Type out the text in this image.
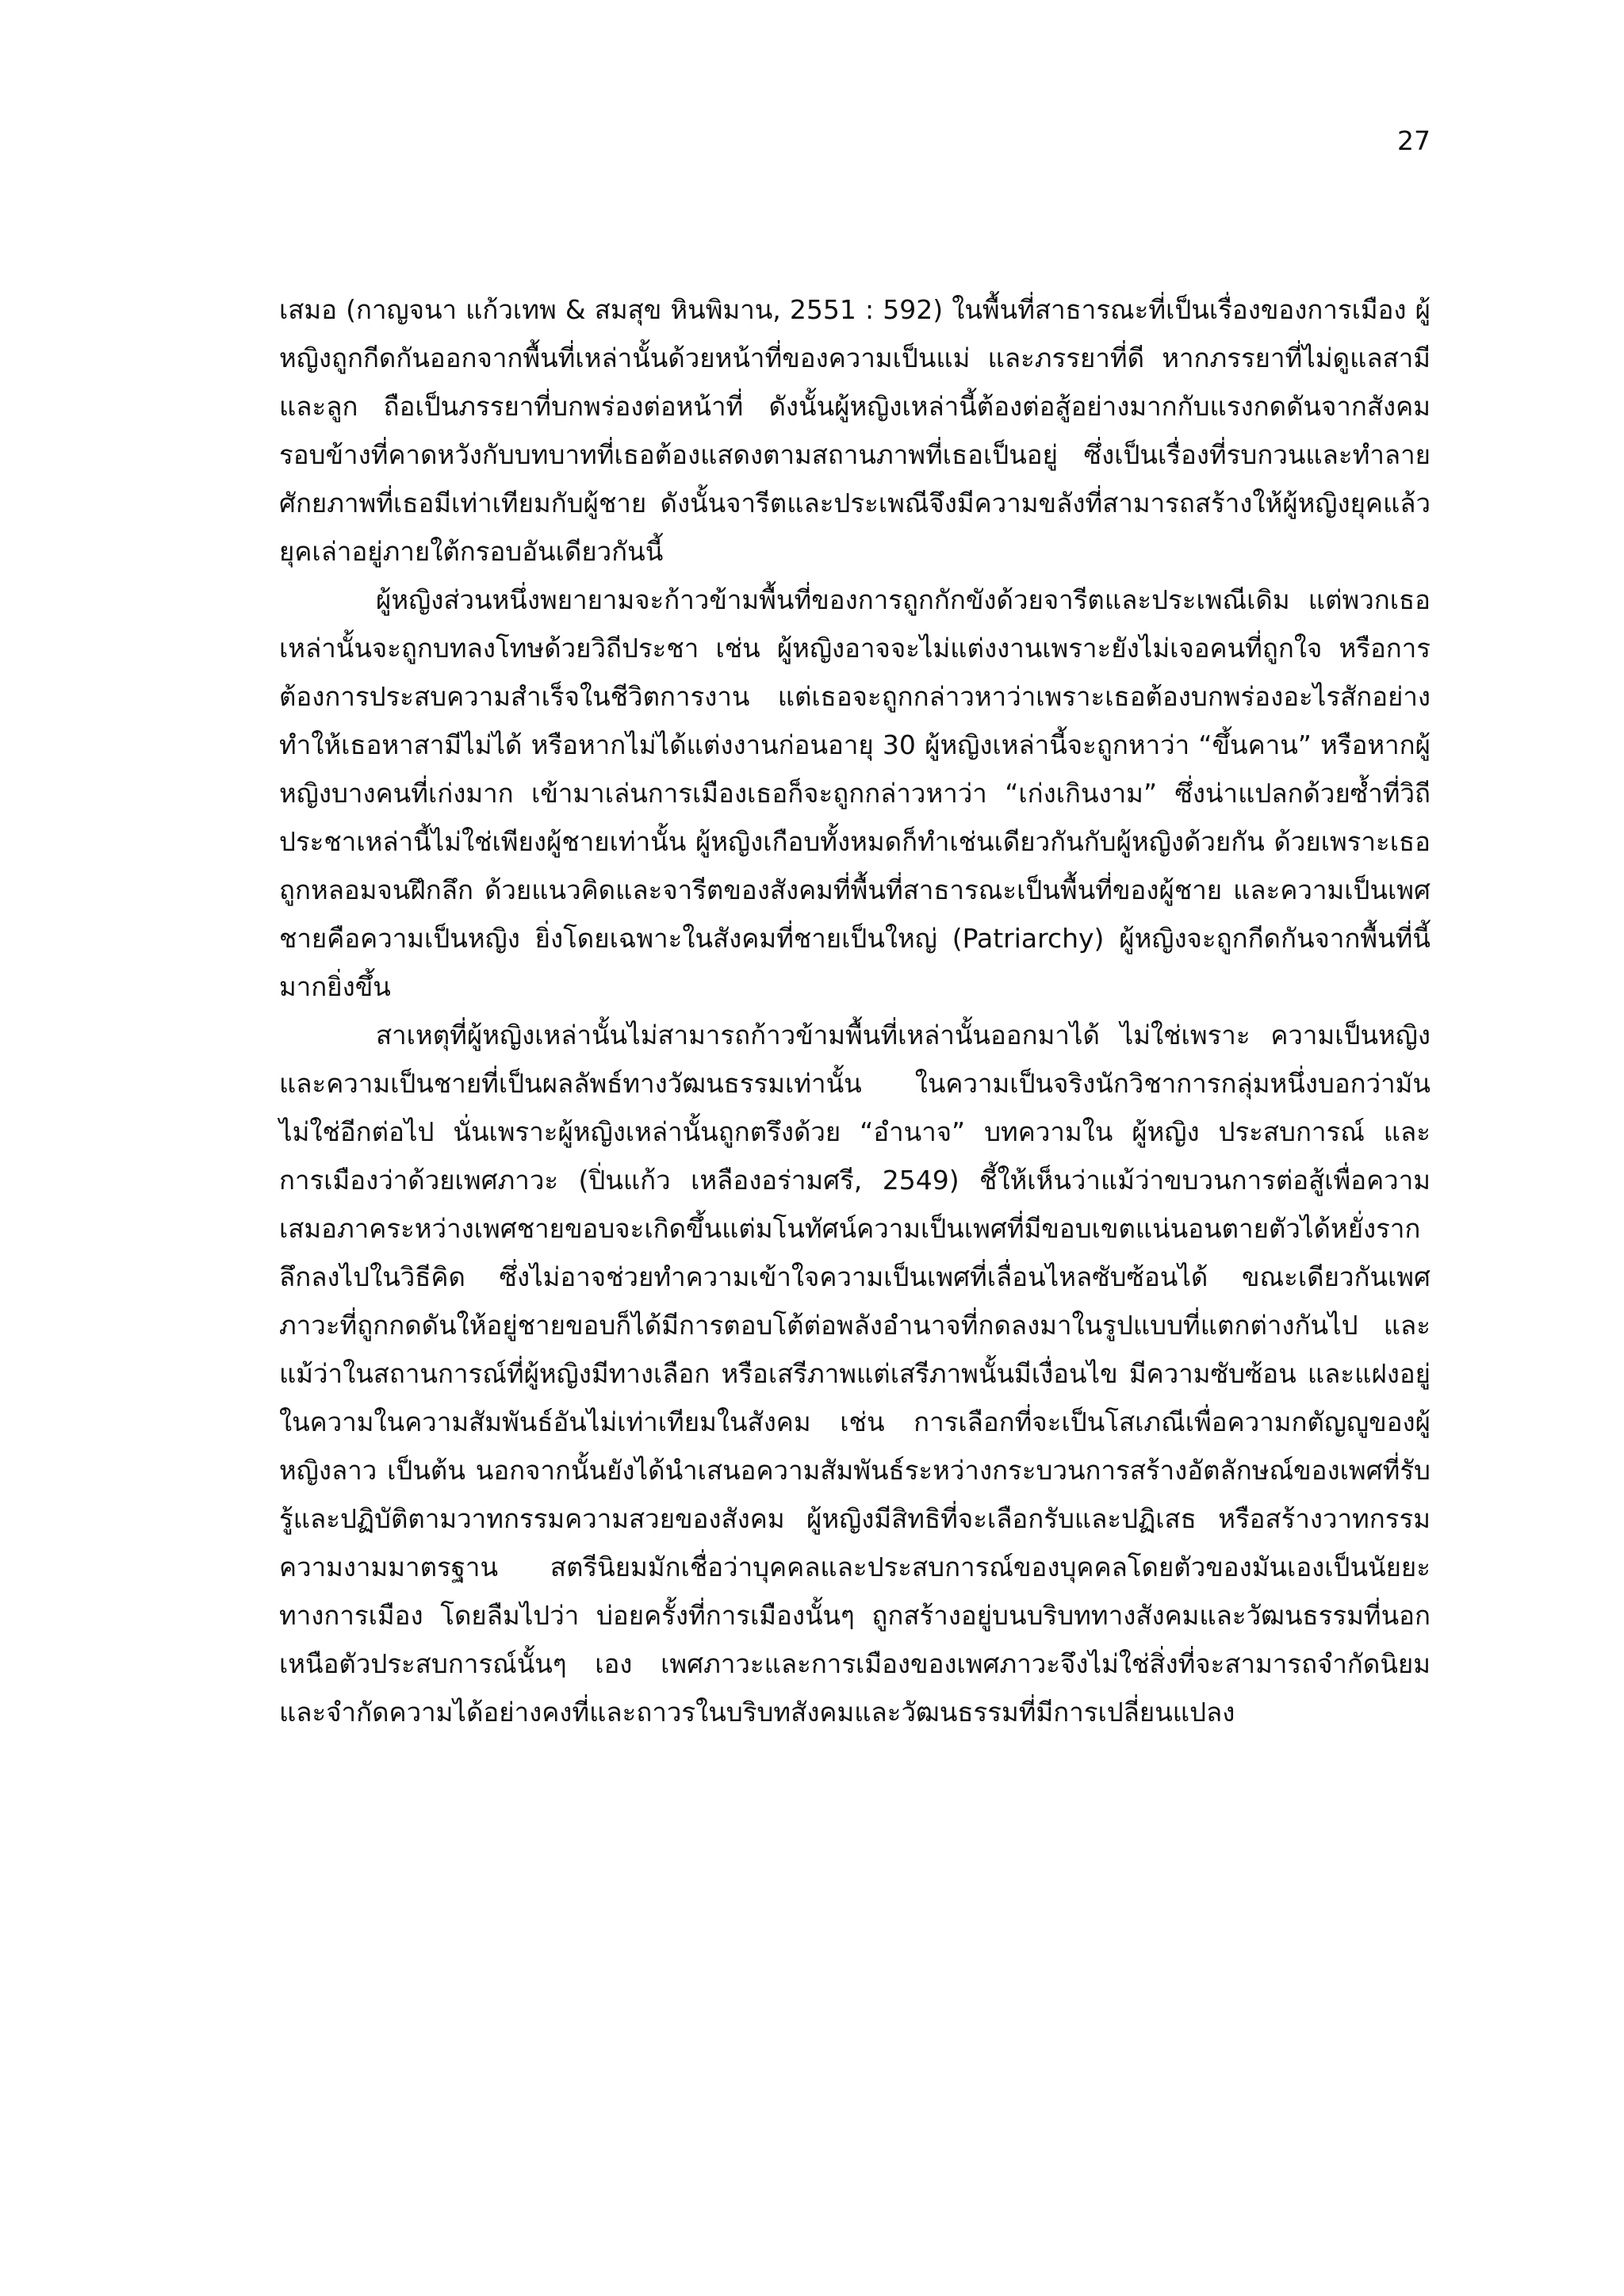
27

เสมอ (กาญจนา แก้วเทพ & สมสุข หินพิมาน, 2551 : 592) ในพื้นที่สาธารณะที่เป็นเรื่องของการเมือง ผู้หญิงถูกกีดกันออกจากพื้นที่เหล่านั้นด้วยหน้าที่ของความเป็นแม่ และภรรยาที่ดี หากภรรยาที่ไม่ดูแลสามี และลูก ถือเป็นภรรยาที่บกพร่องต่อหน้าที่ ดังนั้นผู้หญิงเหล่านี้ต้องต่อสู้อย่างมากกับแรงกดดันจากสังคมรอบข้างที่คาดหวังกับบทบาทที่เธอต้องแสดงตามสถานภาพที่เธอเป็นอยู่ ซึ่งเป็นเรื่องที่รบกวนและทำลายศักยภาพที่เธอมีเท่าเทียมกับผู้ชาย ดังนั้นจารีตและประเพณีจึงมีความขลังที่สามารถสร้างให้ผู้หญิงยุคแล้วยุคเล่าอยู่ภายใต้กรอบอันเดียวกันนี้

ผู้หญิงส่วนหนึ่งพยายามจะก้าวข้ามพื้นที่ของการถูกกักขังด้วยจารีตและประเพณีเดิม แต่พวกเธอเหล่านั้นจะถูกบทลงโทษด้วยวิถีประชา เช่น ผู้หญิงอาจจะไม่แต่งงานเพราะยังไม่เจอคนที่ถูกใจ หรือการต้องการประสบความสำเร็จในชีวิตการงาน แต่เธอจะถูกกล่าวหาว่าเพราะเธอต้องบกพร่องอะไรสักอย่างทำให้เธอหาสามีไม่ได้ หรือหากไม่ได้แต่งงานก่อนอายุ 30 ผู้หญิงเหล่านี้จะถูกหาว่า “ขึ้นคาน” หรือหากผู้หญิงบางคนที่เก่งมาก เข้ามาเล่นการเมืองเธอก็จะถูกกล่าวหาว่า “เก่งเกินงาม” ซึ่งน่าแปลกด้วยซ้ำที่วิถีประชาเหล่านี้ไม่ใช่เพียงผู้ชายเท่านั้น ผู้หญิงเกือบทั้งหมดก็ทำเช่นเดียวกันกับผู้หญิงด้วยกัน ด้วยเพราะเธอถูกหลอมจนฝึกลึก ด้วยแนวคิดและจารีตของสังคมที่พื้นที่สาธารณะเป็นพื้นที่ของผู้ชาย และความเป็นเพศชายคือความเป็นหญิง ยิ่งโดยเฉพาะในสังคมที่ชายเป็นใหญ่ (Patriarchy) ผู้หญิงจะถูกกีดกันจากพื้นที่นี้มากยิ่งขึ้น

สาเหตุที่ผู้หญิงเหล่านั้นไม่สามารถก้าวข้ามพื้นที่เหล่านั้นออกมาได้ ไม่ใช่เพราะ ความเป็นหญิงและความเป็นชายที่เป็นผลลัพธ์ทางวัฒนธรรมเท่านั้น ในความเป็นจริงนักวิชาการกลุ่มหนึ่งบอกว่ามันไม่ใช่อีกต่อไป นั่นเพราะผู้หญิงเหล่านั้นถูกตรึงด้วย “อำนาจ” บทความใน ผู้หญิง ประสบการณ์ และการเมืองว่าด้วยเพศภาวะ (ปิ่นแก้ว เหลืองอร่ามศรี, 2549) ชี้ให้เห็นว่าแม้ว่าขบวนการต่อสู้เพื่อความเสมอภาคระหว่างเพศชายขอบจะเกิดขึ้นแต่มโนทัศน์ความเป็นเพศที่มีขอบเขตแน่นอนตายตัวได้หยั่งรากลึกลงไปในวิธีคิด ซึ่งไม่อาจช่วยทำความเข้าใจความเป็นเพศที่เลื่อนไหลซับซ้อนได้ ขณะเดียวกันเพศภาวะที่ถูกกดดันให้อยู่ชายขอบก็ได้มีการตอบโต้ต่อพลังอำนาจที่กดลงมาในรูปแบบที่แตกต่างกันไป และแม้ว่าในสถานการณ์ที่ผู้หญิงมีทางเลือก หรือเสรีภาพแต่เสรีภาพนั้นมีเงื่อนไข มีความซับซ้อน และแฝงอยู่ในความในความสัมพันธ์อันไม่เท่าเทียมในสังคม เช่น การเลือกที่จะเป็นโสเภณีเพื่อความกตัญญูของผู้หญิงลาว เป็นต้น นอกจากนั้นยังได้นำเสนอความสัมพันธ์ระหว่างกระบวนการสร้างอัตลักษณ์ของเพศที่รับรู้และปฏิบัติตามวาทกรรมความสวยของสังคม ผู้หญิงมีสิทธิที่จะเลือกรับและปฏิเสธ หรือสร้างวาทกรรมความงามมาตรฐาน สตรีนิยมมักเชื่อว่าบุคคลและประสบการณ์ของบุคคลโดยตัวของมันเองเป็นนัยยะทางการเมือง โดยลืมไปว่า บ่อยครั้งที่การเมืองนั้นๆ ถูกสร้างอยู่บนบริบททางสังคมและวัฒนธรรมที่นอกเหนือตัวประสบการณ์นั้นๆ เอง เพศภาวะและการเมืองของเพศภาวะจึงไม่ใช่สิ่งที่จะสามารถจำกัดนิยมและจำกัดความได้อย่างคงที่และถาวรในบริบทสังคมและวัฒนธรรมที่มีการเปลี่ยนแปลง
